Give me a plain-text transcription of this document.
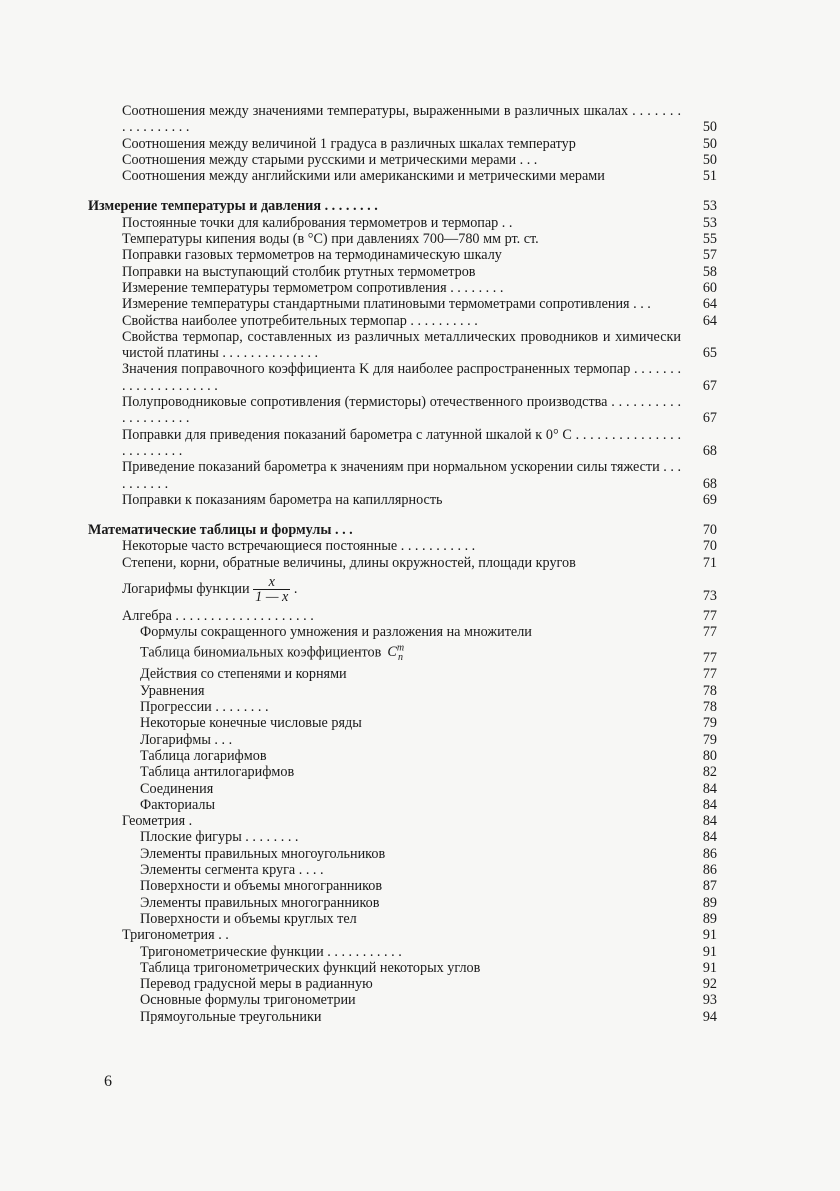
Соотношения между значениями температуры, выраженными в различных шкалах . . . . . . . . . . . . . . . . .	50
Соотношения между величиной 1 градуса в различных шкалах температур	50
Соотношения между старыми русскими и метрическими мерами . . .	50
Соотношения между английскими или американскими и метрическими мерами	51
Измерение температуры и давления . . . . . . . .	53
Постоянные точки для калибрования термометров и термопар . .	53
Температуры кипения воды (в °C) при давлениях 700—780 мм рт. ст.	55
Поправки газовых термометров на термодинамическую шкалу	57
Поправки на выступающий столбик ртутных термометров	58
Измерение температуры термометром сопротивления . . . . . . . .	60
Измерение температуры стандартными платиновыми термометрами сопротивления . . .	64
Свойства наиболее употребительных термопар . . . . . . . . . .	64
Свойства термопар, составленных из различных металлических проводников и химически чистой платины . . . . . . . . . . . . . .	65
Значения поправочного коэффициента K для наиболее распространенных термопар . . . . . . . . . . . . . . . . . . . . .	67
Полупроводниковые сопротивления (термисторы) отечественного производства . . . . . . . . . . . . . . . . . . . .	67
Поправки для приведения показаний барометра с латунной шкалой к 0° C . . . . . . . . . . . . . . . . . . . . . . . .	68
Приведение показаний барометра к значениям при нормальном ускорении силы тяжести . . . . . . . . . .	68
Поправки к показаниям барометра на капиллярность	69
Математические таблицы и формулы . . .	70
Некоторые часто встречающиеся постоянные . . . . . . . . . . .	70
Степени, корни, обратные величины, длины окружностей, площади кругов	71
Логарифмы функции $\frac{x}{1 — x}$ .	73
Алгебра . . . . . . . . . . . . . . . . . . . .	77
Формулы сокращенного умножения и разложения на множители	77
Таблица биномиальных коэффициентов $C^m_n$	77
Действия со степенями и корнями	77
Уравнения	78
Прогрессии . . . . . . . .	78
Некоторые конечные числовые ряды	79
Логарифмы . . .	79
Таблица логарифмов	80
Таблица антилогарифмов	82
Соединения	84
Факториалы	84
Геометрия .	84
Плоские фигуры . . . . . . . .	84
Элементы правильных многоугольников	86
Элементы сегмента круга . . . .	86
Поверхности и объемы многогранников	87
Элементы правильных многогранников	89
Поверхности и объемы круглых тел	89
Тригонометрия . .	91
Тригонометрические функции . . . . . . . . . . .	91
Таблица тригонометрических функций некоторых углов	91
Перевод градусной меры в радианную	92
Основные формулы тригонометрии	93
Прямоугольные треугольники	94
6
